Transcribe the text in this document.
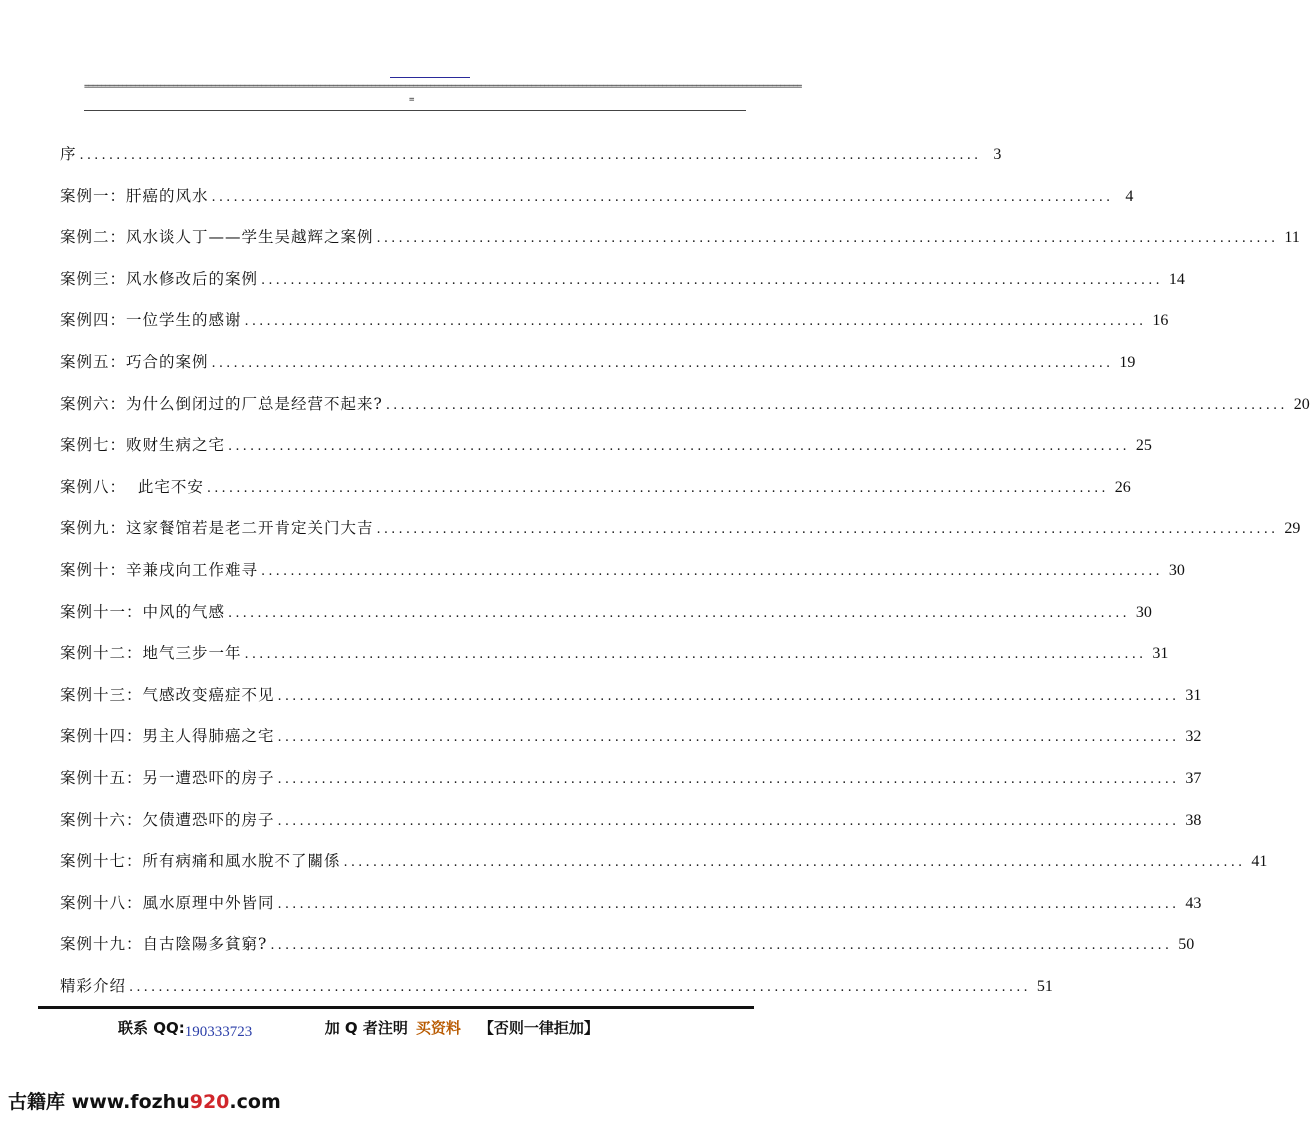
==========================================================================================================================================================================
=
序 ........................................................................................................................... 3
案例一：肝癌的风水 ........................................................................................................................... 4
案例二：风水谈人丁——学生吴越辉之案例 ........................................................................................................................... 11
案例三：风水修改后的案例 ........................................................................................................................... 14
案例四：一位学生的感谢 ........................................................................................................................... 16
案例五：巧合的案例 ........................................................................................................................... 19
案例六：为什么倒闭过的厂总是经营不起来? ........................................................................................................................... 20
案例七：败财生病之宅 ........................................................................................................................... 25
案例八：  此宅不安 ........................................................................................................................... 26
案例九：这家餐馆若是老二开肯定关门大吉 ........................................................................................................................... 29
案例十：辛兼戌向工作难寻 ........................................................................................................................... 30
案例十一：中风的气感 ........................................................................................................................... 30
案例十二：地气三步一年 ........................................................................................................................... 31
案例十三：气感改变癌症不见 ........................................................................................................................... 31
案例十四：男主人得肺癌之宅 ........................................................................................................................... 32
案例十五：另一遭恐吓的房子 ........................................................................................................................... 37
案例十六：欠债遭恐吓的房子 ........................................................................................................................... 38
案例十七：所有病痛和風水脫不了關係 ........................................................................................................................... 41
案例十八：風水原理中外皆同 ........................................................................................................................... 43
案例十九：自古陰陽多貧窮? ........................................................................................................................... 50
精彩介绍 ........................................................................................................................... 51
联系 QQ:190333723	加 Q 者注明 买资料 【否则一律拒加】
古籍库 www.fozhu920.com
